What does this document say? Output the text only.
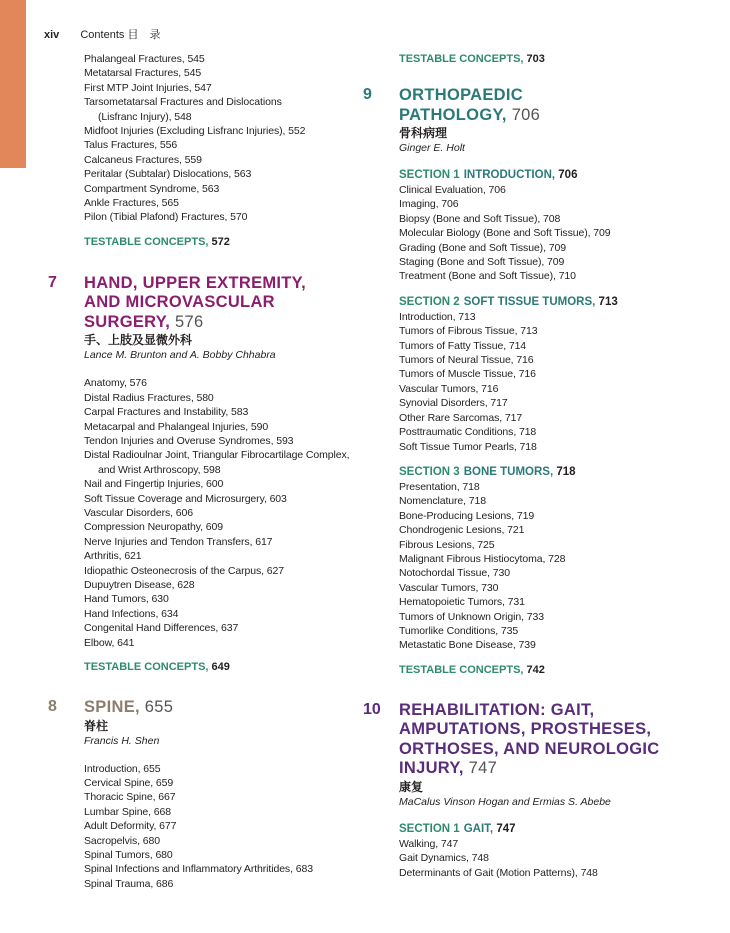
xiv Contents 目　录
Phalangeal Fractures, 545
Metatarsal Fractures, 545
First MTP Joint Injuries, 547
Tarsometatarsal Fractures and Dislocations
(Lisfranc Injury), 548
Midfoot Injuries (Excluding Lisfranc Injuries), 552
Talus Fractures, 556
Calcaneus Fractures, 559
Peritalar (Subtalar) Dislocations, 563
Compartment Syndrome, 563
Ankle Fractures, 565
Pilon (Tibial Plafond) Fractures, 570
TESTABLE CONCEPTS, 572
7 HAND, UPPER EXTREMITY,
AND MICROVASCULAR
SURGERY, 576
手、上肢及显微外科
Lance M. Brunton and A. Bobby Chhabra
Anatomy, 576
Distal Radius Fractures, 580
Carpal Fractures and Instability, 583
Metacarpal and Phalangeal Injuries, 590
Tendon Injuries and Overuse Syndromes, 593
Distal Radioulnar Joint, Triangular Fibrocartilage Complex,
and Wrist Arthroscopy, 598
Nail and Fingertip Injuries, 600
Soft Tissue Coverage and Microsurgery, 603
Vascular Disorders, 606
Compression Neuropathy, 609
Nerve Injuries and Tendon Transfers, 617
Arthritis, 621
Idiopathic Osteonecrosis of the Carpus, 627
Dupuytren Disease, 628
Hand Tumors, 630
Hand Infections, 634
Congenital Hand Differences, 637
Elbow, 641
TESTABLE CONCEPTS, 649
8 SPINE, 655
脊柱
Francis H. Shen
Introduction, 655
Cervical Spine, 659
Thoracic Spine, 667
Lumbar Spine, 668
Adult Deformity, 677
Sacropelvis, 680
Spinal Tumors, 680
Spinal Infections and Inflammatory Arthritides, 683
Spinal Trauma, 686
TESTABLE CONCEPTS, 703
9 ORTHOPAEDIC
PATHOLOGY, 706
骨科病理
Ginger E. Holt
SECTION 1 INTRODUCTION, 706
Clinical Evaluation, 706
Imaging, 706
Biopsy (Bone and Soft Tissue), 708
Molecular Biology (Bone and Soft Tissue), 709
Grading (Bone and Soft Tissue), 709
Staging (Bone and Soft Tissue), 709
Treatment (Bone and Soft Tissue), 710
SECTION 2 SOFT TISSUE TUMORS, 713
Introduction, 713
Tumors of Fibrous Tissue, 713
Tumors of Fatty Tissue, 714
Tumors of Neural Tissue, 716
Tumors of Muscle Tissue, 716
Vascular Tumors, 716
Synovial Disorders, 717
Other Rare Sarcomas, 717
Posttraumatic Conditions, 718
Soft Tissue Tumor Pearls, 718
SECTION 3 BONE TUMORS, 718
Presentation, 718
Nomenclature, 718
Bone-Producing Lesions, 719
Chondrogenic Lesions, 721
Fibrous Lesions, 725
Malignant Fibrous Histiocytoma, 728
Notochordal Tissue, 730
Vascular Tumors, 730
Hematopoietic Tumors, 731
Tumors of Unknown Origin, 733
Tumorlike Conditions, 735
Metastatic Bone Disease, 739
TESTABLE CONCEPTS, 742
10 REHABILITATION: GAIT,
AMPUTATIONS, PROSTHESES,
ORTHOSES, AND NEUROLOGIC
INJURY, 747
康复
MaCalus Vinson Hogan and Ermias S. Abebe
SECTION 1 GAIT, 747
Walking, 747
Gait Dynamics, 748
Determinants of Gait (Motion Patterns), 748
